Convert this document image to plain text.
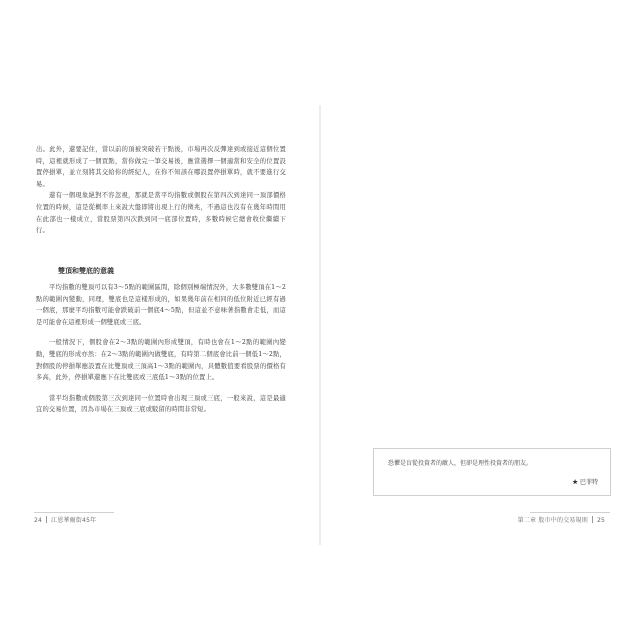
出。此外，還要記住，當以前的頂被突破若干點後，市場再次反彈達到或接近這個位置時，這裡就形成了一個買點，當你做完一筆交易後，應當選擇一個適當和安全的位置設置停損單，並立刻將其交給你的經紀人，在你不知該在哪設置停損單時，就不要進行交易。

還有一個現象絕對不容忽視，那就是當平均指數或個股在第四次到達同一頂部價格位置的時候，這是從概率上來說大盤即將出現上行的徵兆，不過這也沒有在幾年時間用在此部也一樣成立，當股票第四次跌到同一底部位置時，多數時候它總會收位繼續下行。

雙頂和雙底的意義

平均指數的雙頂可以有3～5點的範圍區間，除個別極端情況外，大多數雙頂在1～2點的範圍內變動，同理，雙底也是這樣形成的，如果幾年前在相同的低位附近已經有過一個底，那麼平均指數可能會跌破前一個底4～5點，但這並不意味著指數會走低，而這是可能會在這裡形成一個雙底或三底。

一般情況下，個股會在2～3點的範圍內形成雙頂，有時也會在1～2點的範圍內變動，雙底的形成亦然：在2～3點的範圍內做雙底，有時第二個底會比前一個低1～2點，對個股的停損單應設置在比雙頂或三頂高1～3點的範圍內，具體數值要看股票的價格有多高，此外，停損單還應下在比雙底或三底低1～3點的位置上。

當平均指數或個股第三次到達同一位置時會出現三頂或三底，一般來說，這是最適宜的交易位置，因為市場在三頂或三底或駁留的時間非常短。

24 江恩華爾街45年

恐懼是盲從投資者的敵人，但卻是理性投資者的朋友。
★ 巴菲特
第二章 股市中的交易規則 25
